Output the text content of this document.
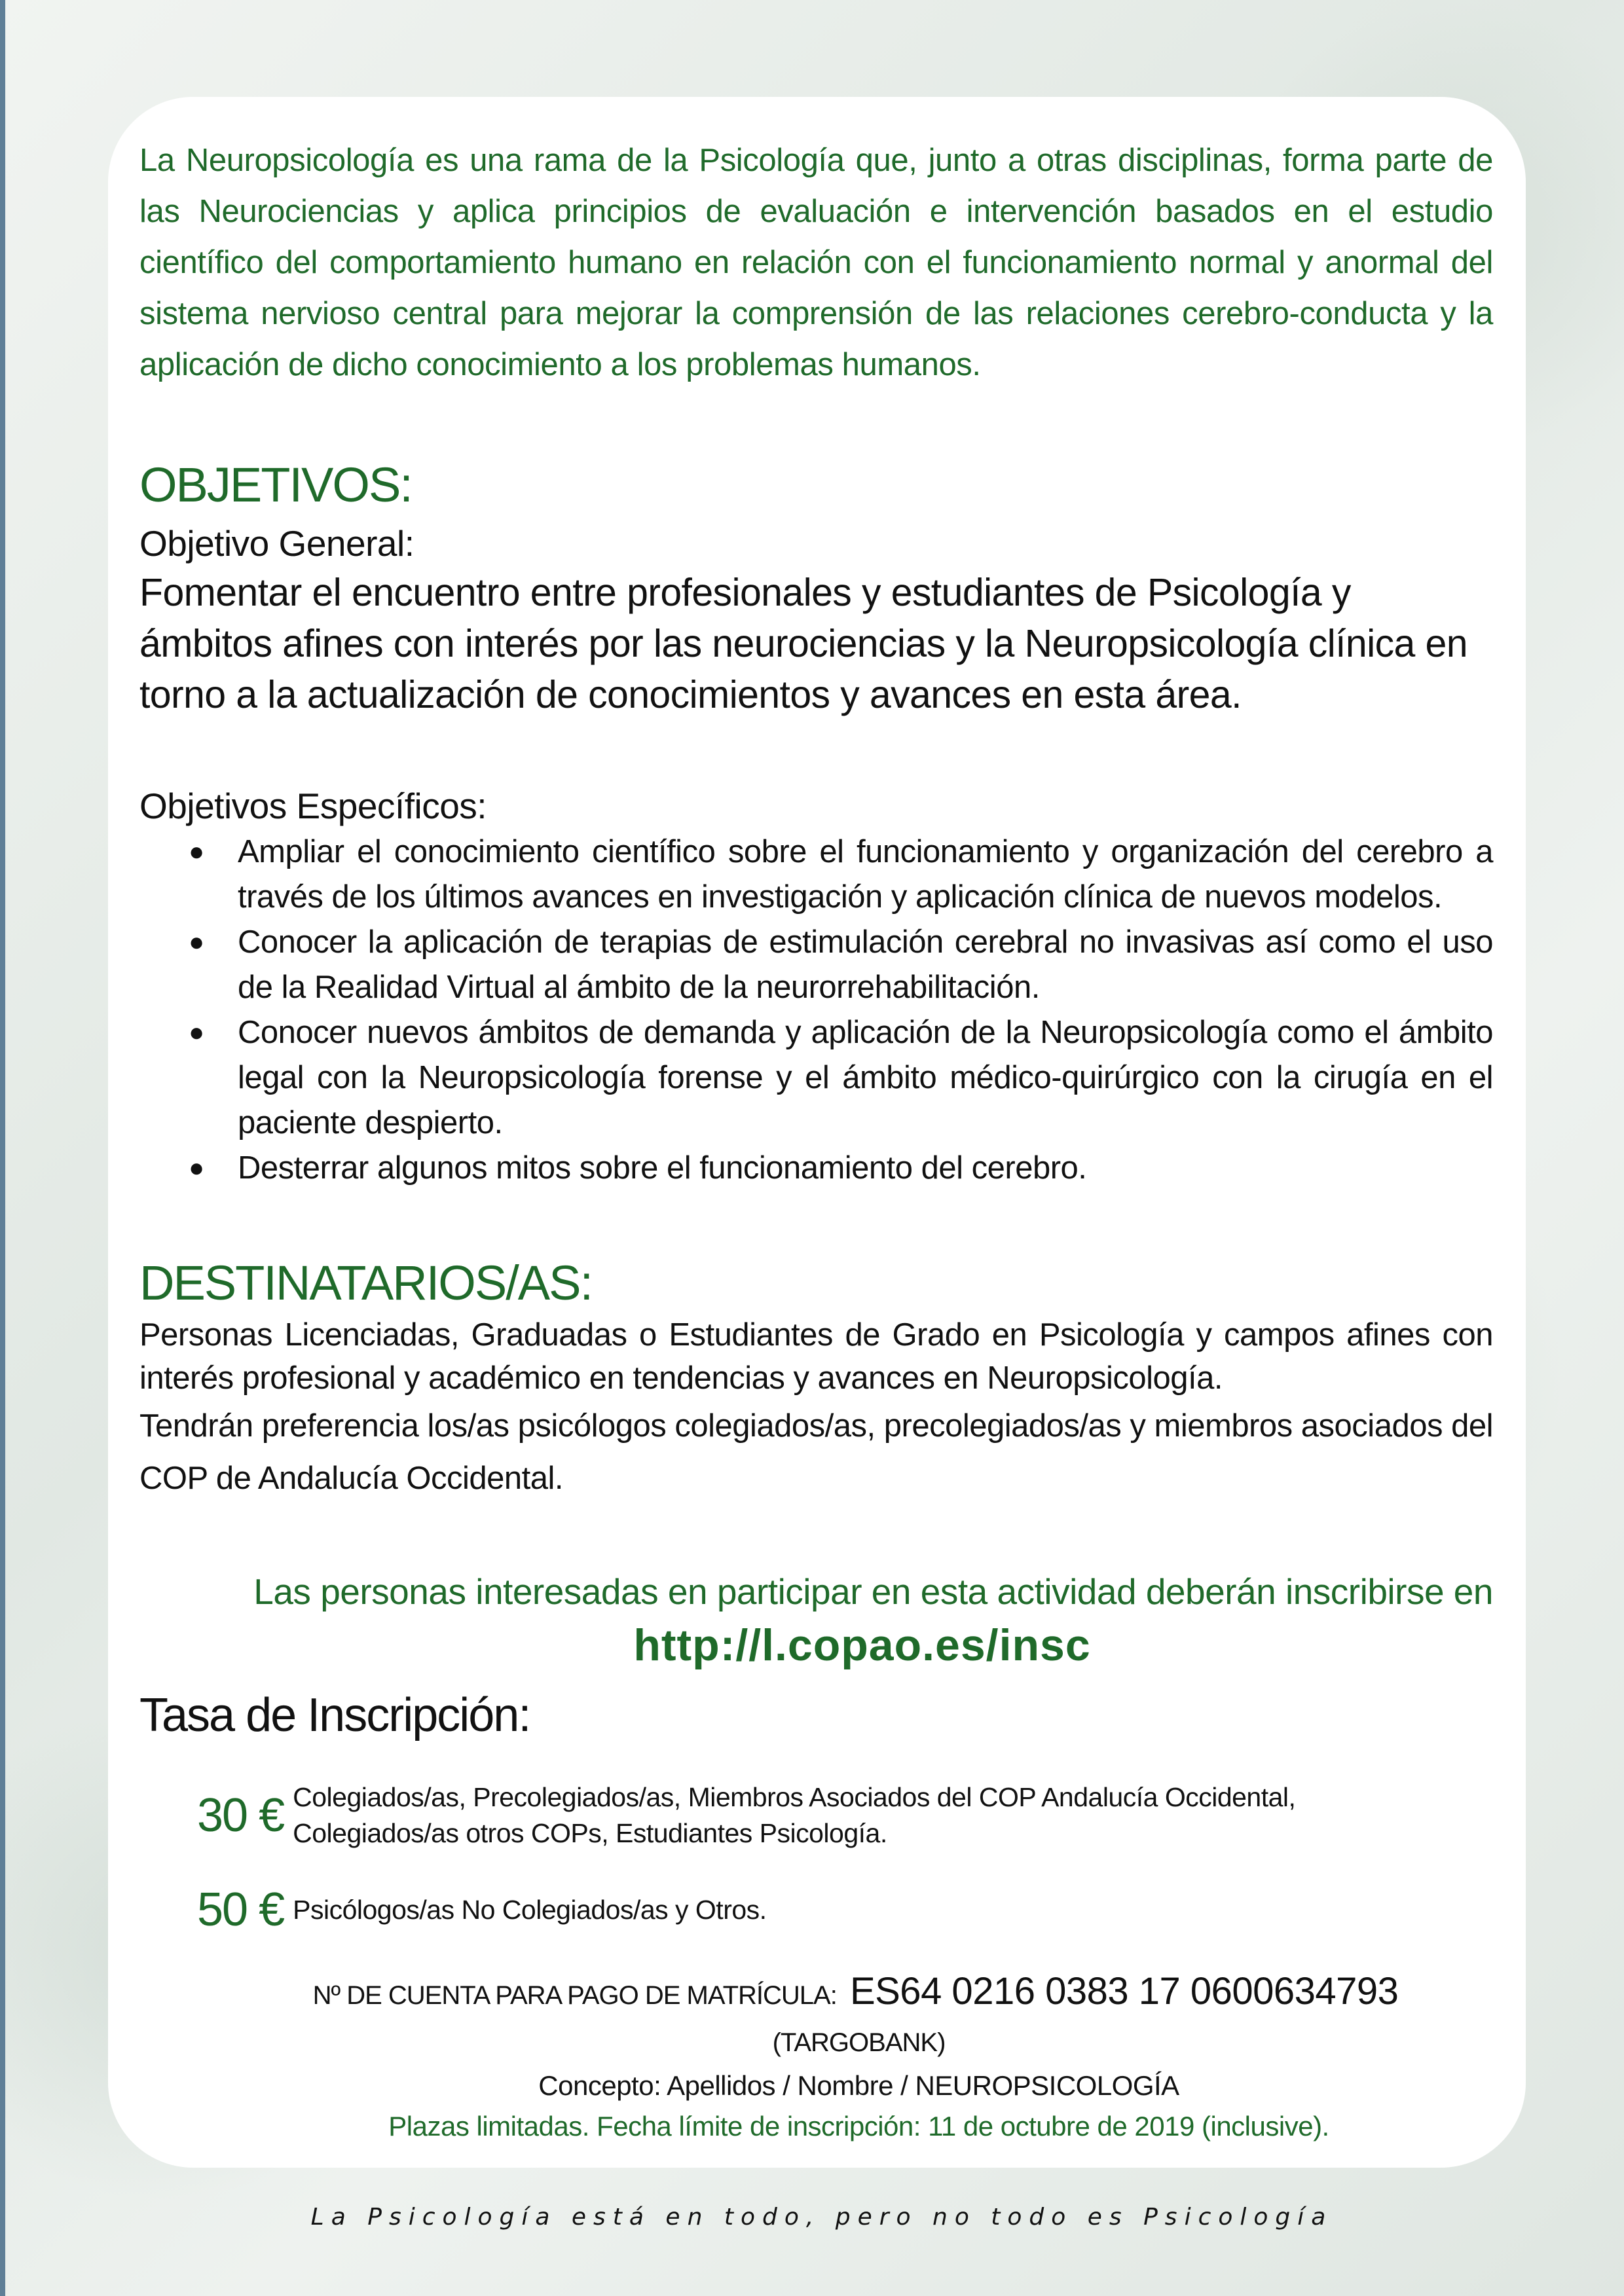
La Neuropsicología es una rama de la Psicología que, junto a otras disciplinas, forma parte de las Neurociencias y aplica principios de evaluación e intervención basados en el estudio científico del comportamiento humano en relación con el funcionamiento normal y anormal del sistema nervioso central para mejorar la comprensión de las relaciones cerebro-conducta y la aplicación de dicho conocimiento a los problemas humanos.

OBJETIVOS:
Objetivo General:

Fomentar el encuentro entre profesionales y estudiantes de Psicología y ámbitos afines con interés por las neurociencias y la Neuropsicología clínica en torno a la actualización de conocimientos y avances en esta área.

Objetivos Específicos:
● Ampliar el conocimiento científico sobre el funcionamiento y organización del cerebro a través de los últimos avances en investigación y aplicación clínica de nuevos modelos.
● Conocer la aplicación de terapias de estimulación cerebral no invasivas así como el uso de la Realidad Virtual al ámbito de la neurorrehabilitación.
● Conocer nuevos ámbitos de demanda y aplicación de la Neuropsicología como el ámbito legal con la Neuropsicología forense y el ámbito médico-quirúrgico con la cirugía en el paciente despierto.
● Desterrar algunos mitos sobre el funcionamiento del cerebro.
DESTINATARIOS/AS:

Personas Licenciadas, Graduadas o Estudiantes de Grado en Psicología y campos afines con interés profesional y académico en tendencias y avances en Neuropsicología.

Tendrán preferencia los/as psicólogos colegiados/as, precolegiados/as y miembros asociados del COP de Andalucía Occidental.

Las personas interesadas en participar en esta actividad deberán inscribirse en

http://l.copao.es/insc

Tasa de Inscripción:
30 € Colegiados/as, Precolegiados/as, Miembros Asociados del COP Andalucía Occidental,
Colegiados/as otros COPs, Estudiantes Psicología.
50 € Psicólogos/as No Colegiados/as y Otros.
Nº DE CUENTA PARA PAGO DE MATRÍCULA: ES64 0216 0383 17 0600634793 (TARGOBANK)
Concepto: Apellidos / Nombre / NEUROPSICOLOGÍA
Plazas limitadas. Fecha límite de inscripción: 11 de octubre de 2019 (inclusive).
La Psicología está en todo, pero no todo es Psicología
